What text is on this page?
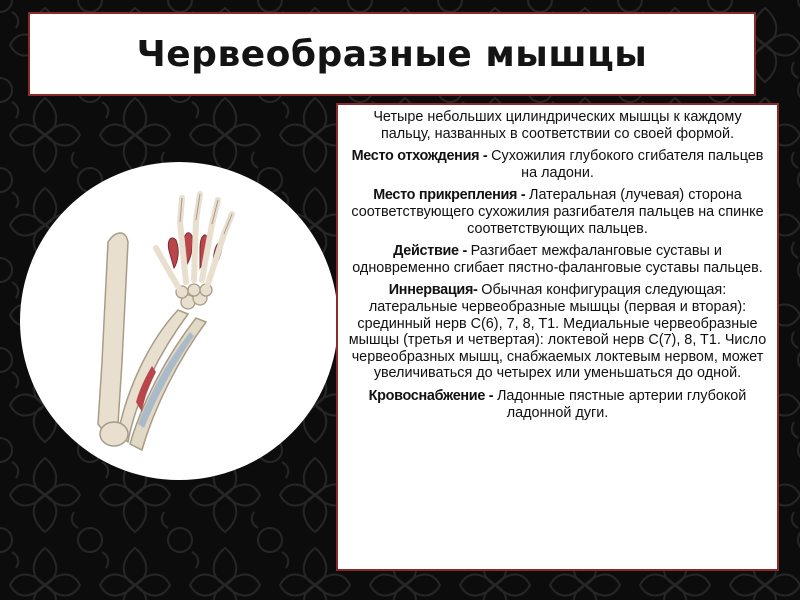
Червеобразные мышцы

Четыре небольших цилиндрических мышцы к каждому пальцу, названных в соответствии со своей формой.

Место отхождения - Сухожилия глубокого сгибателя пальцев на ладони.

Место прикрепления - Латеральная (лучевая) сторона соответствующего сухожилия разгибателя пальцев на спинке соответствующих пальцев.

Действие - Разгибает межфаланговые суставы и одновременно сгибает пястно-фаланговые суставы пальцев.

Иннервация- Обычная конфигурация следующая: латеральные червеобразные мышцы (первая и вторая): срединный нерв C(6), 7, 8, T1. Медиальные червеобразные мышцы (третья и четвертая): локтевой нерв C(7), 8, T1. Число червеобразных мышц, снабжаемых локтевым нервом, может увеличиваться до четырех или уменьшаться до одной.

Кровоснабжение - Ладонные пястные артерии глубокой ладонной дуги.
